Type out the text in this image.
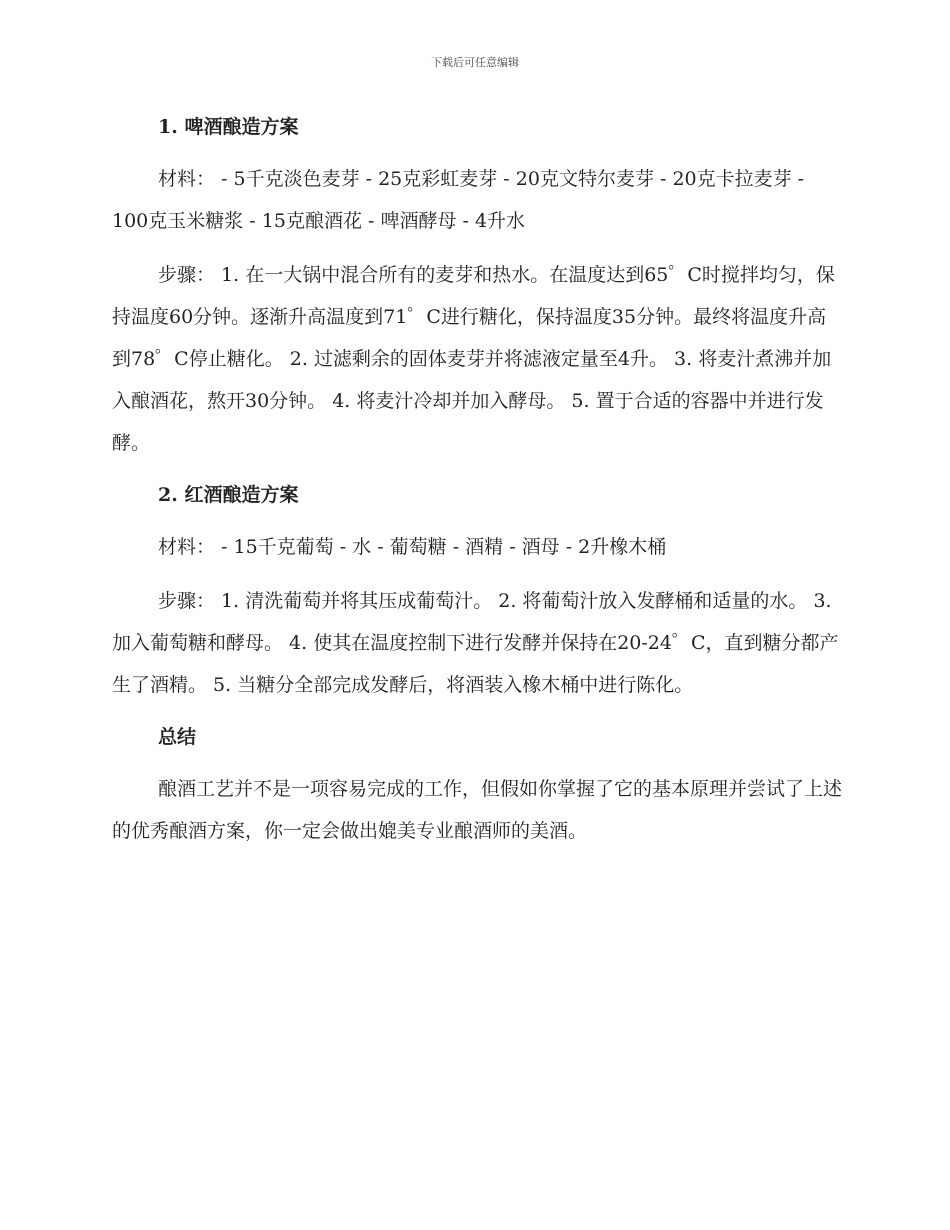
下载后可任意编辑
1. 啤酒酿造方案

材料： - 5千克淡色麦芽 - 25克彩虹麦芽 - 20克文特尔麦芽 - 20克卡拉麦芽 - 100克玉米糖浆 - 15克酿酒花 - 啤酒酵母 - 4升水

步骤： 1. 在一大锅中混合所有的麦芽和热水。在温度达到65゜C时搅拌均匀，保持温度60分钟。逐渐升高温度到71゜C进行糖化，保持温度35分钟。最终将温度升高到78゜C停止糖化。 2. 过滤剩余的固体麦芽并将滤液定量至4升。 3. 将麦汁煮沸并加入酿酒花，熬开30分钟。 4. 将麦汁冷却并加入酵母。 5. 置于合适的容器中并进行发酵。

2. 红酒酿造方案

材料： - 15千克葡萄 - 水 - 葡萄糖 - 酒精 - 酒母 - 2升橡木桶

步骤： 1. 清洗葡萄并将其压成葡萄汁。 2. 将葡萄汁放入发酵桶和适量的水。 3. 加入葡萄糖和酵母。 4. 使其在温度控制下进行发酵并保持在20-24゜C，直到糖分都产生了酒精。 5. 当糖分全部完成发酵后，将酒装入橡木桶中进行陈化。

总结

酿酒工艺并不是一项容易完成的工作，但假如你掌握了它的基本原理并尝试了上述的优秀酿酒方案，你一定会做出媲美专业酿酒师的美酒。
